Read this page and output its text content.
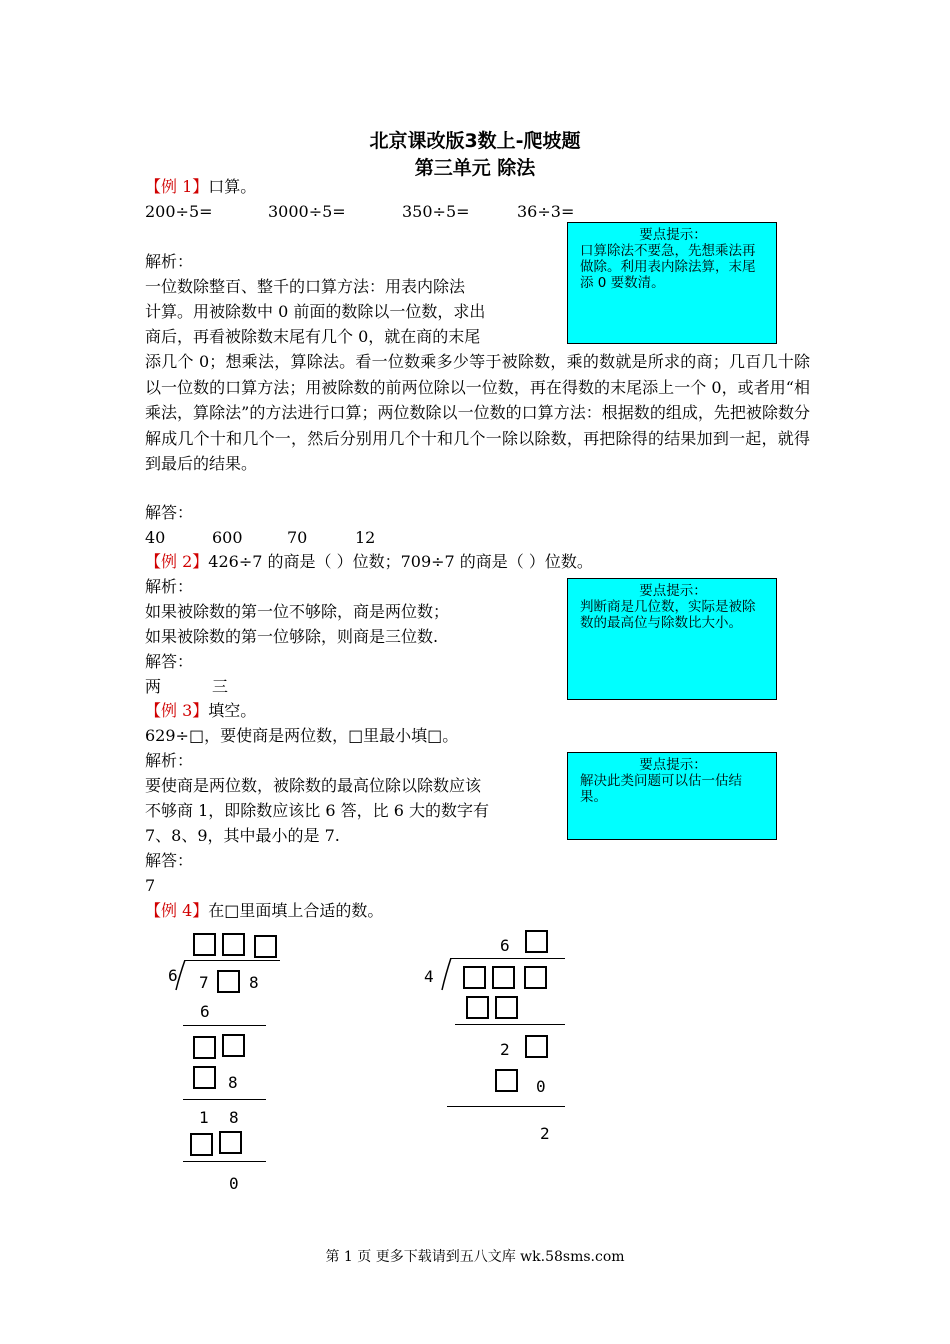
北京课改版3数上-爬坡题
第三单元 除法
【例 1】口算。
200÷5=	3000÷5=	350÷5=	36÷3=
解析：
一位数除整百、整千的口算方法：用表内除法
计算。用被除数中 0 前面的数除以一位数，求出
商后，再看被除数末尾有几个 0，就在商的末尾
添几个 0；想乘法，算除法。看一位数乘多少等于被除数，乘的数就是所求的商；几百几十除以一位数的口算方法；用被除数的前两位除以一位数，再在得数的末尾添上一个 0，或者用“相乘法，算除法”的方法进行口算；两位数除以一位数的口算方法：根据数的组成，先把被除数分解成几个十和几个一，然后分别用几个十和几个一除以除数，再把除得的结果加到一起，就得到最后的结果。
要点提示：
口算除法不要急，先想乘法再做除。利用表内除法算，末尾添 0 要数清。
解答：
40	600	70	12
【例 2】426÷7 的商是（ ）位数；709÷7 的商是（ ）位数。
解析：
如果被除数的第一位不够除，商是两位数；
如果被除数的第一位够除，则商是三位数.
解答：
两	三
要点提示：
判断商是几位数，实际是被除数的最高位与除数比大小。
【例 3】填空。
629÷□，要使商是两位数，□里最小填□。
解析：
要使商是两位数，被除数的最高位除以除数应该
不够商 1，即除数应该比 6 答，比 6 大的数字有
7、8、9，其中最小的是 7.
解答：
7
要点提示：
解决此类问题可以估一估结果。
【例 4】在□里面填上合适的数。
6 7	8
6
8
1 8
0
6
4
2
0
2
第 1 页 更多下载请到五八文库 wk.58sms.com
